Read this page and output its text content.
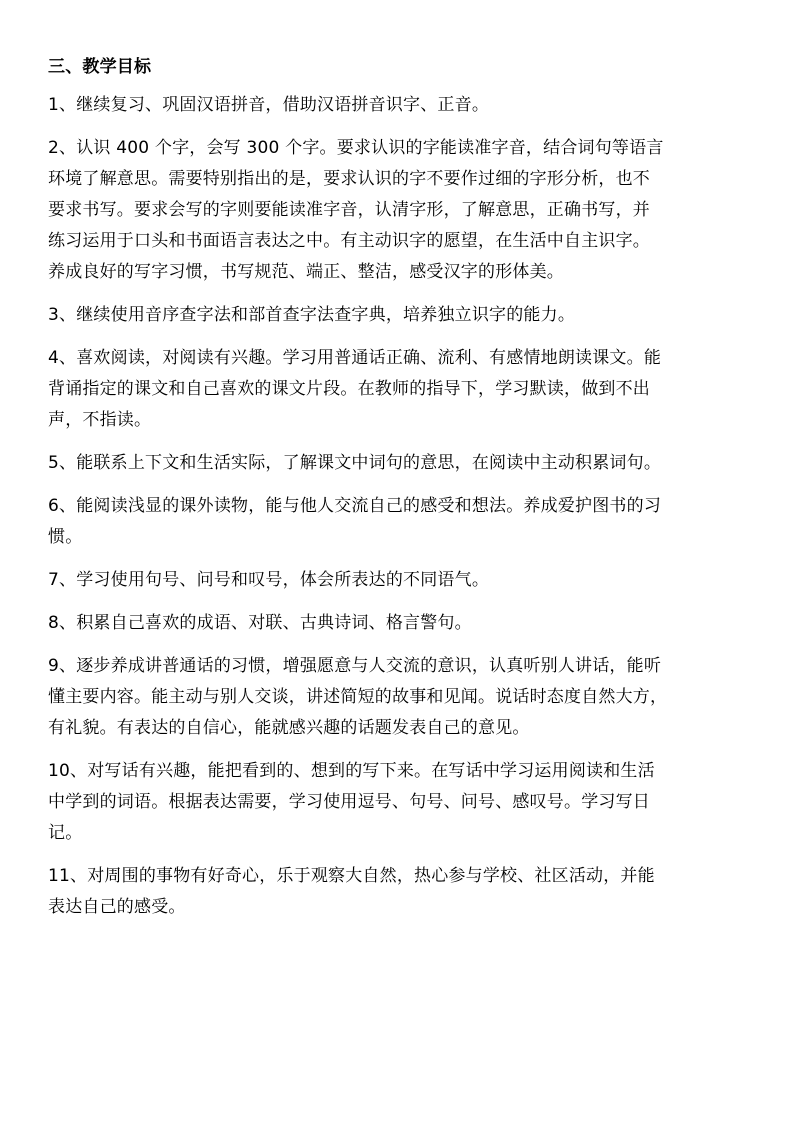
三、教学目标
1、继续复习、巩固汉语拼音，借助汉语拼音识字、正音。
2、认识 400 个字，会写 300 个字。要求认识的字能读准字音，结合词句等语言
环境了解意思。需要特别指出的是，要求认识的字不要作过细的字形分析，也不
要求书写。要求会写的字则要能读准字音，认清字形，了解意思，正确书写，并
练习运用于口头和书面语言表达之中。有主动识字的愿望，在生活中自主识字。
养成良好的写字习惯，书写规范、端正、整洁，感受汉字的形体美。
3、继续使用音序查字法和部首查字法查字典，培养独立识字的能力。
4、喜欢阅读，对阅读有兴趣。学习用普通话正确、流利、有感情地朗读课文。能
背诵指定的课文和自己喜欢的课文片段。在教师的指导下，学习默读，做到不出
声，不指读。
5、能联系上下文和生活实际，了解课文中词句的意思，在阅读中主动积累词句。
6、能阅读浅显的课外读物，能与他人交流自己的感受和想法。养成爱护图书的习
惯。
7、学习使用句号、问号和叹号，体会所表达的不同语气。
8、积累自己喜欢的成语、对联、古典诗词、格言警句。
9、逐步养成讲普通话的习惯，增强愿意与人交流的意识，认真听别人讲话，能听
懂主要内容。能主动与别人交谈，讲述简短的故事和见闻。说话时态度自然大方，
有礼貌。有表达的自信心，能就感兴趣的话题发表自己的意见。
10、对写话有兴趣，能把看到的、想到的写下来。在写话中学习运用阅读和生活
中学到的词语。根据表达需要，学习使用逗号、句号、问号、感叹号。学习写日
记。
11、对周围的事物有好奇心，乐于观察大自然，热心参与学校、社区活动，并能
表达自己的感受。
